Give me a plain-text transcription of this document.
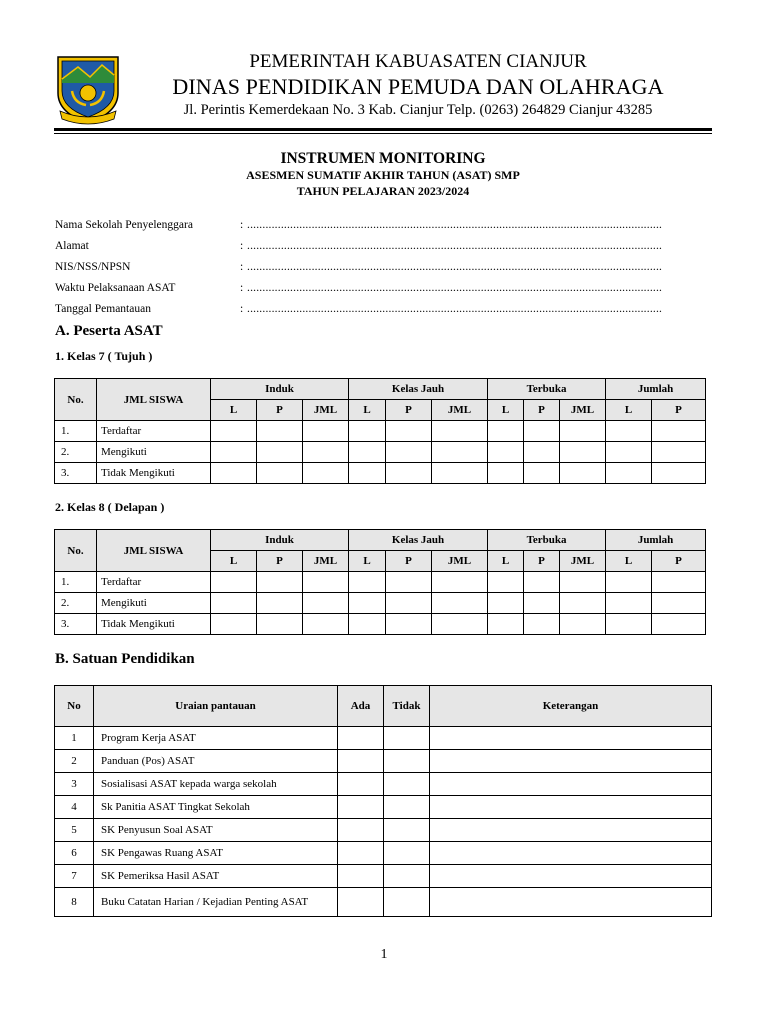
PEMERINTAH KABUASATEN CIANJUR
DINAS PENDIDIKAN PEMUDA DAN OLAHRAGA
Jl. Perintis Kemerdekaan No. 3 Kab. Cianjur Telp. (0263) 264829 Cianjur 43285
INSTRUMEN MONITORING
ASESMEN SUMATIF AKHIR TAHUN (ASAT) SMP
TAHUN PELAJARAN 2023/2024
Nama Sekolah Penyelenggara	: .......................................................................................................................................
Alamat	: .......................................................................................................................................
NIS/NSS/NPSN	: .......................................................................................................................................
Waktu Pelaksanaan ASAT	: .......................................................................................................................................
Tanggal Pemantauan	: .......................................................................................................................................
A. Peserta ASAT
1. Kelas 7 ( Tujuh )
No.	JML SISWA	Induk			Kelas Jauh			Terbuka			Jumlah	
		L	P	JML	L	P	JML	L	P	JML	L	P
1.	Terdaftar											
2.	Mengikuti											
3.	Tidak Mengikuti											
2. Kelas 8 ( Delapan )
No.	JML SISWA	Induk			Kelas Jauh			Terbuka			Jumlah	
		L	P	JML	L	P	JML	L	P	JML	L	P
1.	Terdaftar											
2.	Mengikuti											
3.	Tidak Mengikuti											
B. Satuan Pendidikan
No	Uraian pantauan	Ada	Tidak	Keterangan
1	Program Kerja ASAT			
2	Panduan (Pos) ASAT			
3	Sosialisasi ASAT kepada warga sekolah			
4	Sk Panitia ASAT Tingkat Sekolah			
5	SK Penyusun Soal ASAT			
6	SK Pengawas Ruang ASAT			
7	SK Pemeriksa Hasil ASAT			
8	Buku Catatan Harian / Kejadian Penting ASAT			
1
